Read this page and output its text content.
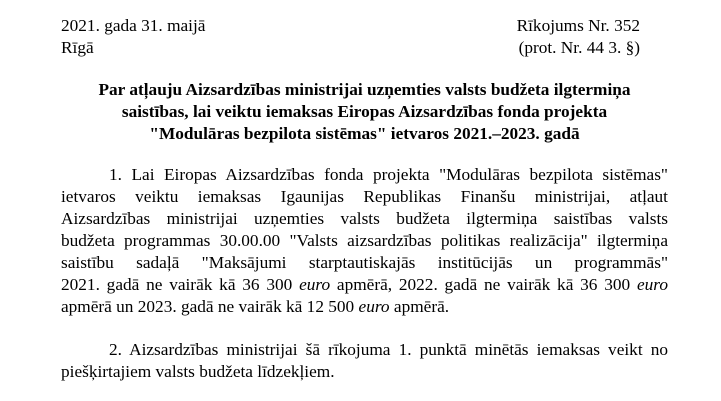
2021. gada 31. maijā	Rīkojums Nr. 352
Rīgā	(prot. Nr. 44 3. §)
Par atļauju Aizsardzības ministrijai uzņemties valsts budžeta ilgtermiņa
saistības, lai veiktu iemaksas Eiropas Aizsardzības fonda projekta
"Modulāras bezpilota sistēmas" ietvaros 2021.–2023. gadā
1. Lai Eiropas Aizsardzības fonda projekta "Modulāras bezpilota sistēmas"
ietvaros veiktu iemaksas Igaunijas Republikas Finanšu ministrijai, atļaut
Aizsardzības ministrijai uzņemties valsts budžeta ilgtermiņa saistības valsts
budžeta programmas 30.00.00 "Valsts aizsardzības politikas realizācija" ilgtermiņa
saistību sadaļā "Maksājumi starptautiskajās institūcijās un programmās"
2021. gadā ne vairāk kā 36 300 euro apmērā, 2022. gadā ne vairāk kā 36 300 euro
apmērā un 2023. gadā ne vairāk kā 12 500 euro apmērā.
2. Aizsardzības ministrijai šā rīkojuma 1. punktā minētās iemaksas veikt no
piešķirtajiem valsts budžeta līdzekļiem.
